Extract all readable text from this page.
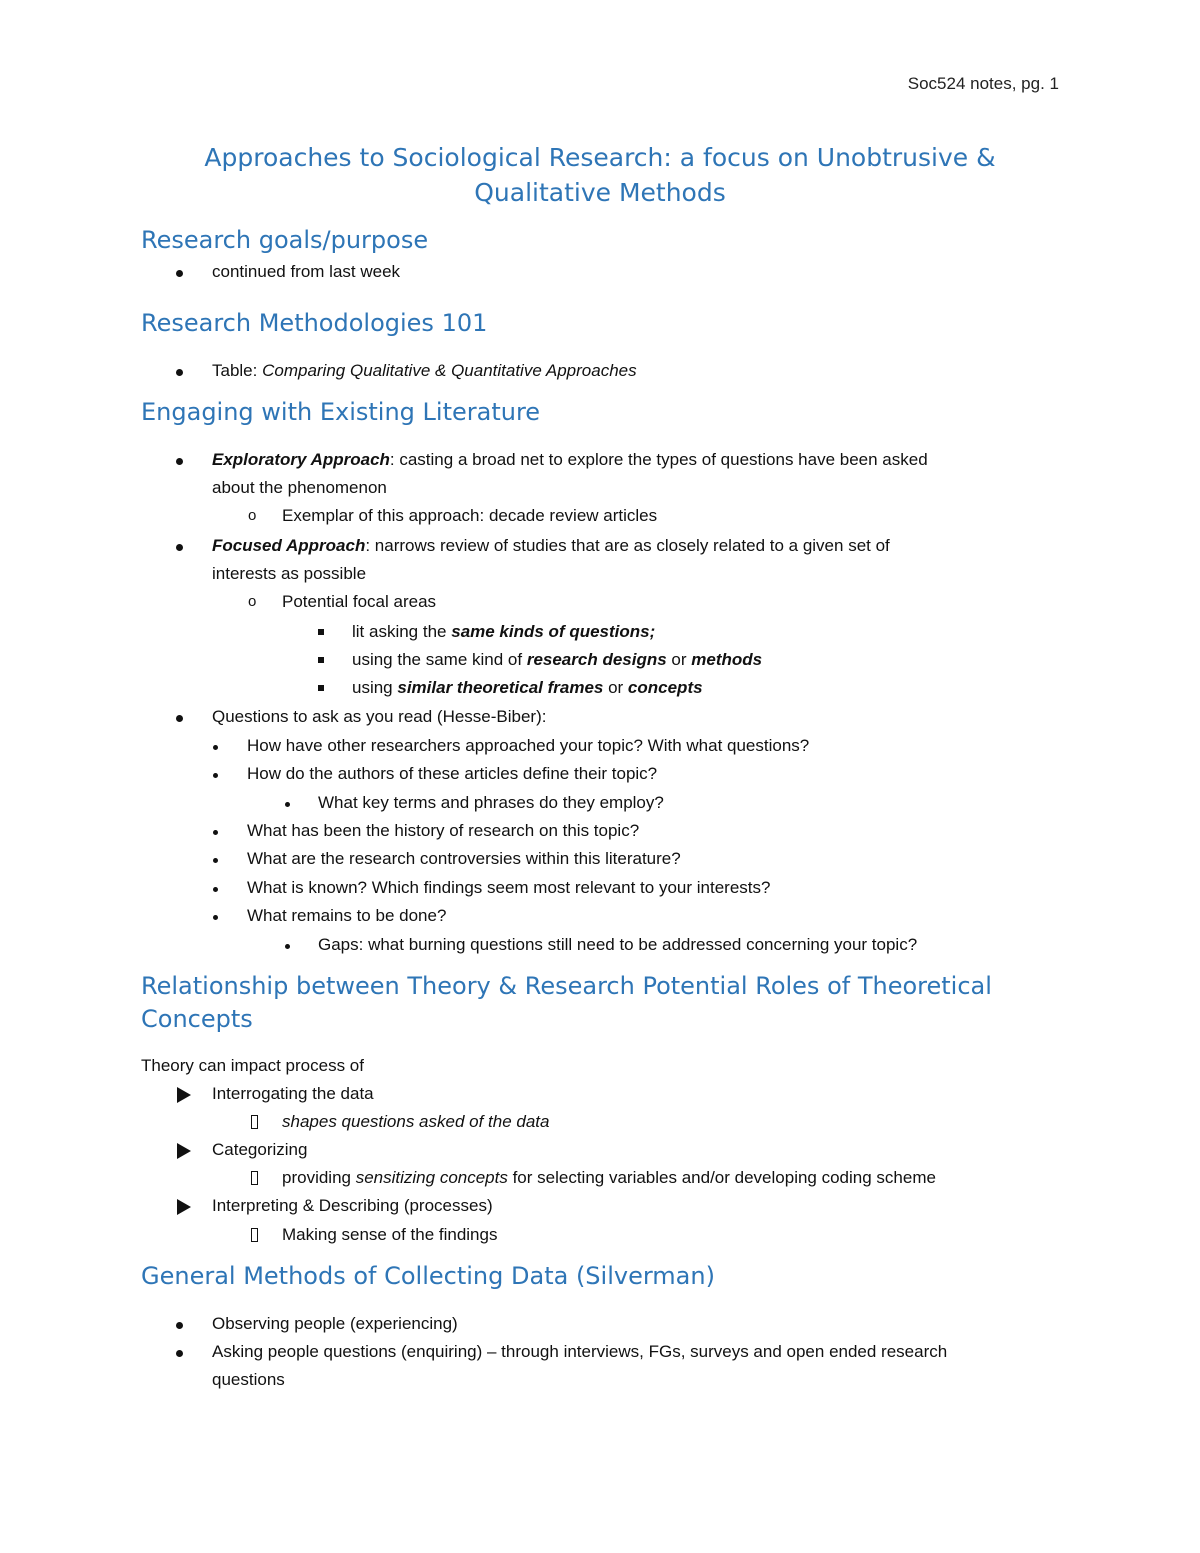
Soc524 notes, pg. 1
Approaches to Sociological Research: a focus on Unobtrusive & Qualitative Methods
Research goals/purpose
continued from last week
Research Methodologies 101
Table: Comparing Qualitative & Quantitative Approaches
Engaging with Existing Literature
Exploratory Approach: casting a broad net to explore the types of questions have been asked
about the phenomenon
o Exemplar of this approach: decade review articles
Focused Approach: narrows review of studies that are as closely related to a given set of
interests as possible
o Potential focal areas
lit asking the same kinds of questions;
using the same kind of research designs or methods
using similar theoretical frames or concepts
Questions to ask as you read (Hesse-Biber):
How have other researchers approached your topic? With what questions?
How do the authors of these articles define their topic?
What key terms and phrases do they employ?
What has been the history of research on this topic?
What are the research controversies within this literature?
What is known? Which findings seem most relevant to your interests?
What remains to be done?
Gaps: what burning questions still need to be addressed concerning your topic?
Relationship between Theory & Research Potential Roles of Theoretical Concepts
Theory can impact process of
Interrogating the data
shapes questions asked of the data
Categorizing
providing sensitizing concepts for selecting variables and/or developing coding scheme
Interpreting & Describing (processes)
Making sense of the findings
General Methods of Collecting Data (Silverman)
Observing people (experiencing)
Asking people questions (enquiring) – through interviews, FGs, surveys and open ended research
questions
